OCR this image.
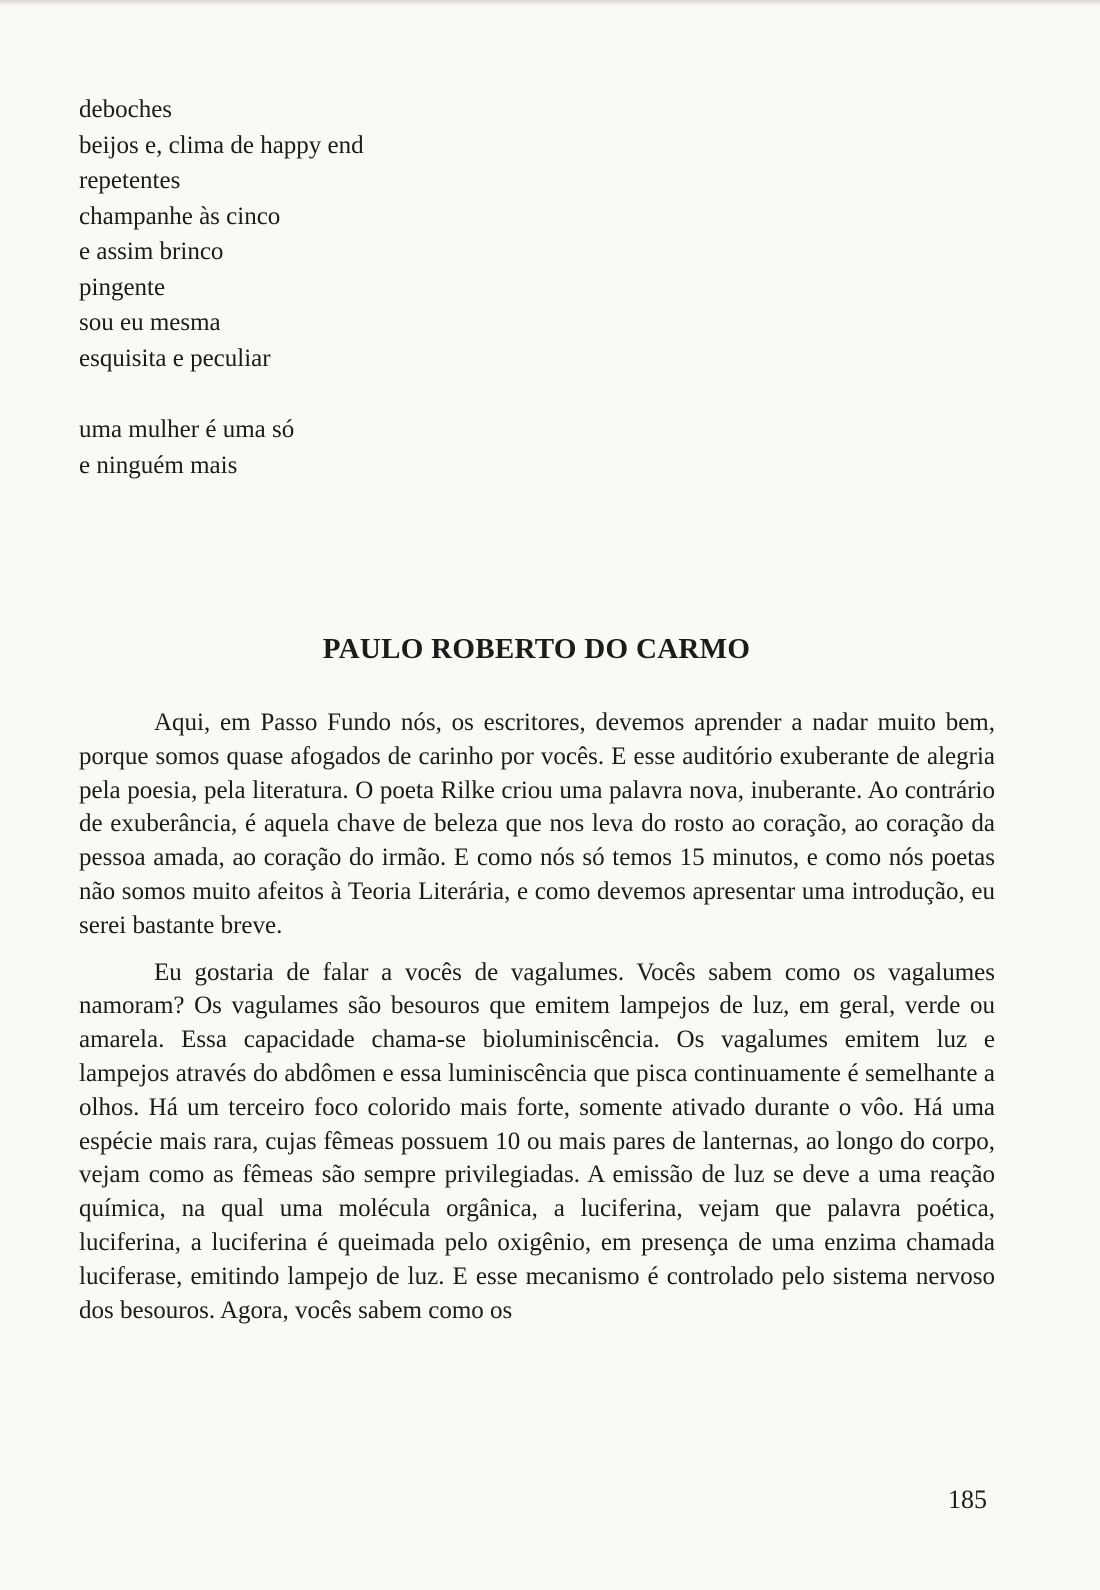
deboches
beijos e, clima de happy end
repetentes
champanhe às cinco
e assim brinco
pingente
sou eu mesma
esquisita e peculiar
uma mulher é uma só
e ninguém mais
PAULO ROBERTO DO CARMO

Aqui, em Passo Fundo nós, os escritores, devemos aprender a nadar muito bem, porque somos quase afogados de carinho por vocês. E esse auditório exuberante de alegria pela poesia, pela literatura. O poeta Rilke criou uma palavra nova, inuberante. Ao contrário de exuberância, é aquela chave de beleza que nos leva do rosto ao coração, ao coração da pessoa amada, ao coração do irmão. E como nós só temos 15 minutos, e como nós poetas não somos muito afeitos à Teoria Literária, e como devemos apresentar uma introdução, eu serei bastante breve.

Eu gostaria de falar a vocês de vagalumes. Vocês sabem como os vagalumes namoram? Os vagulames são besouros que emitem lampejos de luz, em geral, verde ou amarela. Essa capacidade chama-se bioluminiscência. Os vagalumes emitem luz e lampejos através do abdômen e essa luminiscência que pisca continuamente é semelhante a olhos. Há um terceiro foco colorido mais forte, somente ativado durante o vôo. Há uma espécie mais rara, cujas fêmeas possuem 10 ou mais pares de lanternas, ao longo do corpo, vejam como as fêmeas são sempre privilegiadas. A emissão de luz se deve a uma reação química, na qual uma molécula orgânica, a luciferina, vejam que palavra poética, luciferina, a luciferina é queimada pelo oxigênio, em presença de uma enzima chamada luciferase, emitindo lampejo de luz. E esse mecanismo é controlado pelo sistema nervoso dos besouros. Agora, vocês sabem como os

185
